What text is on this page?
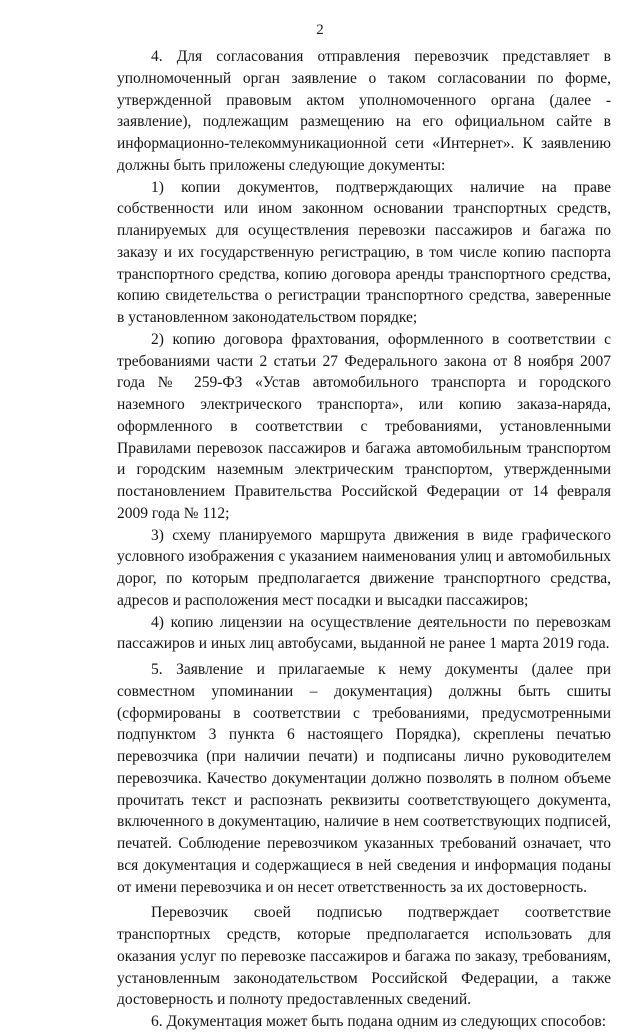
2

4. Для согласования отправления перевозчик представляет в уполномоченный орган заявление о таком согласовании по форме, утвержденной правовым актом уполномоченного органа (далее - заявление), подлежащим размещению на его официальном сайте в информационно-телекоммуникационной сети «Интернет». К заявлению должны быть приложены следующие документы:

1) копии документов, подтверждающих наличие на праве собственности или ином законном основании транспортных средств, планируемых для осуществления перевозки пассажиров и багажа по заказу и их государственную регистрацию, в том числе копию паспорта транспортного средства, копию договора аренды транспортного средства, копию свидетельства о регистрации транспортного средства, заверенные в установленном законодательством порядке;

2) копию договора фрахтования, оформленного в соответствии с требованиями части 2 статьи 27 Федерального закона от 8 ноября 2007 года № 259-ФЗ «Устав автомобильного транспорта и городского наземного электрического транспорта», или копию заказа-наряда, оформленного в соответствии с требованиями, установленными Правилами перевозок пассажиров и багажа автомобильным транспортом и городским наземным электрическим транспортом, утвержденными постановлением Правительства Российской Федерации от 14 февраля 2009 года № 112;

3) схему планируемого маршрута движения в виде графического условного изображения с указанием наименования улиц и автомобильных дорог, по которым предполагается движение транспортного средства, адресов и расположения мест посадки и высадки пассажиров;

4) копию лицензии на осуществление деятельности по перевозкам пассажиров и иных лиц автобусами, выданной не ранее 1 марта 2019 года.

5. Заявление и прилагаемые к нему документы (далее при совместном упоминании – документация) должны быть сшиты (сформированы в соответствии с требованиями, предусмотренными подпунктом 3 пункта 6 настоящего Порядка), скреплены печатью перевозчика (при наличии печати) и подписаны лично руководителем перевозчика. Качество документации должно позволять в полном объеме прочитать текст и распознать реквизиты соответствующего документа, включенного в документацию, наличие в нем соответствующих подписей, печатей. Соблюдение перевозчиком указанных требований означает, что вся документация и содержащиеся в ней сведения и информация поданы от имени перевозчика и он несет ответственность за их достоверность.

Перевозчик своей подписью подтверждает соответствие транспортных средств, которые предполагается использовать для оказания услуг по перевозке пассажиров и багажа по заказу, требованиям, установленным законодательством Российской Федерации, а также достоверность и полноту предоставленных сведений.

6. Документация может быть подана одним из следующих способов:
